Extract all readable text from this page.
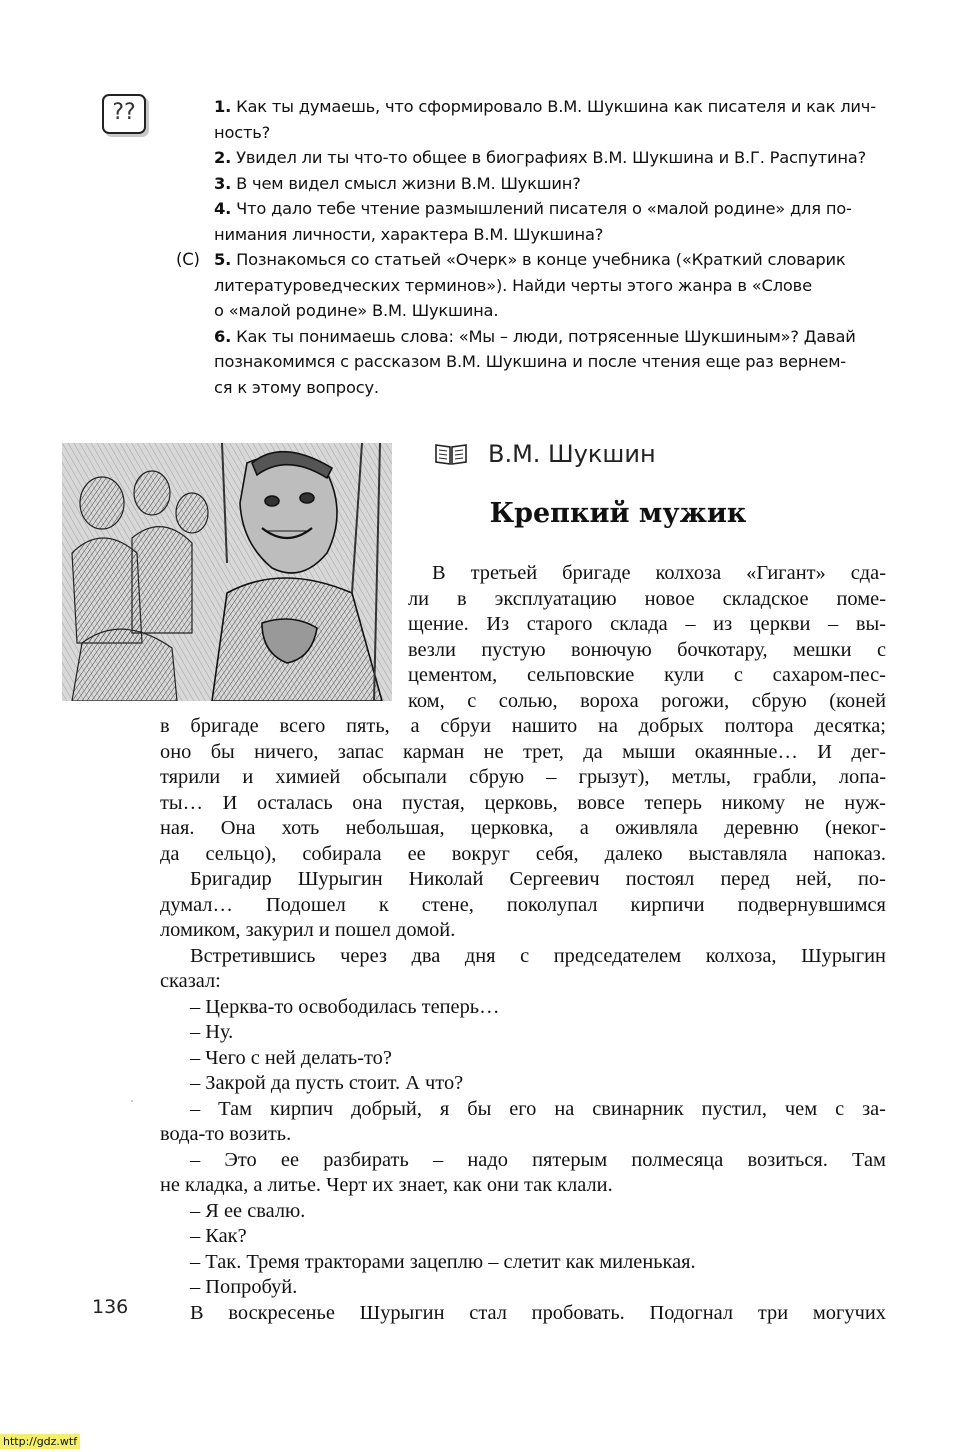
??	1. Как ты думаешь, что сформировало В.М. Шукшина как писателя и как лич-
ность?
2. Увидел ли ты что-то общее в биографиях В.М. Шукшина и В.Г. Распутина?
3. В чем видел смысл жизни В.М. Шукшин?
4. Что дало тебе чтение размышлений писателя о «малой родине» для по-
нимания личности, характера В.М. Шукшина?
(С) 5. Познакомься со статьей «Очерк» в конце учебника («Краткий словарик
литературоведческих терминов»). Найди черты этого жанра в «Слове
о «малой родине» В.М. Шукшина.
6. Как ты понимаешь слова: «Мы – люди, потрясенные Шукшиным»? Давай
познакомимся с рассказом В.М. Шукшина и после чтения еще раз вернем-
ся к этому вопросу.
В.М. Шукшин
Крепкий мужик
В третьей бригаде колхоза «Гигант» сда-
ли в эксплуатацию новое складское поме-
щение. Из старого склада – из церкви – вы-
везли пустую вонючую бочкотару, мешки с
цементом, сельповские кули с сахаром-пес-
ком, с солью, вороха рогожи, сбрую (коней
в бригаде всего пять, а сбруи нашито на добрых полтора десятка;
оно бы ничего, запас карман не трет, да мыши окаянные… И дег-
тярили и химией обсыпали сбрую – грызут), метлы, грабли, лопа-
ты… И осталась она пустая, церковь, вовсе теперь никому не нуж-
ная. Она хоть небольшая, церковка, а оживляла деревню (неког-
да сельцо), собирала ее вокруг себя, далеко выставляла напоказ.
Бригадир Шурыгин Николай Сергеевич постоял перед ней, по-
думал… Подошел к стене, поколупал кирпичи подвернувшимся
ломиком, закурил и пошел домой.
Встретившись через два дня с председателем колхоза, Шурыгин
сказал:
– Церква-то освободилась теперь…
– Ну.
– Чего с ней делать-то?
– Закрой да пусть стоит. А что?
– Там кирпич добрый, я бы его на свинарник пустил, чем с за-
вода-то возить.
– Это ее разбирать – надо пятерым полмесяца возиться. Там
не кладка, а литье. Черт их знает, как они так клали.
– Я ее свалю.
– Как?
– Так. Тремя тракторами зацеплю – слетит как миленькая.
– Попробуй.
В воскресенье Шурыгин стал пробовать. Подогнал три могучих
136
http://gdz.wtf
